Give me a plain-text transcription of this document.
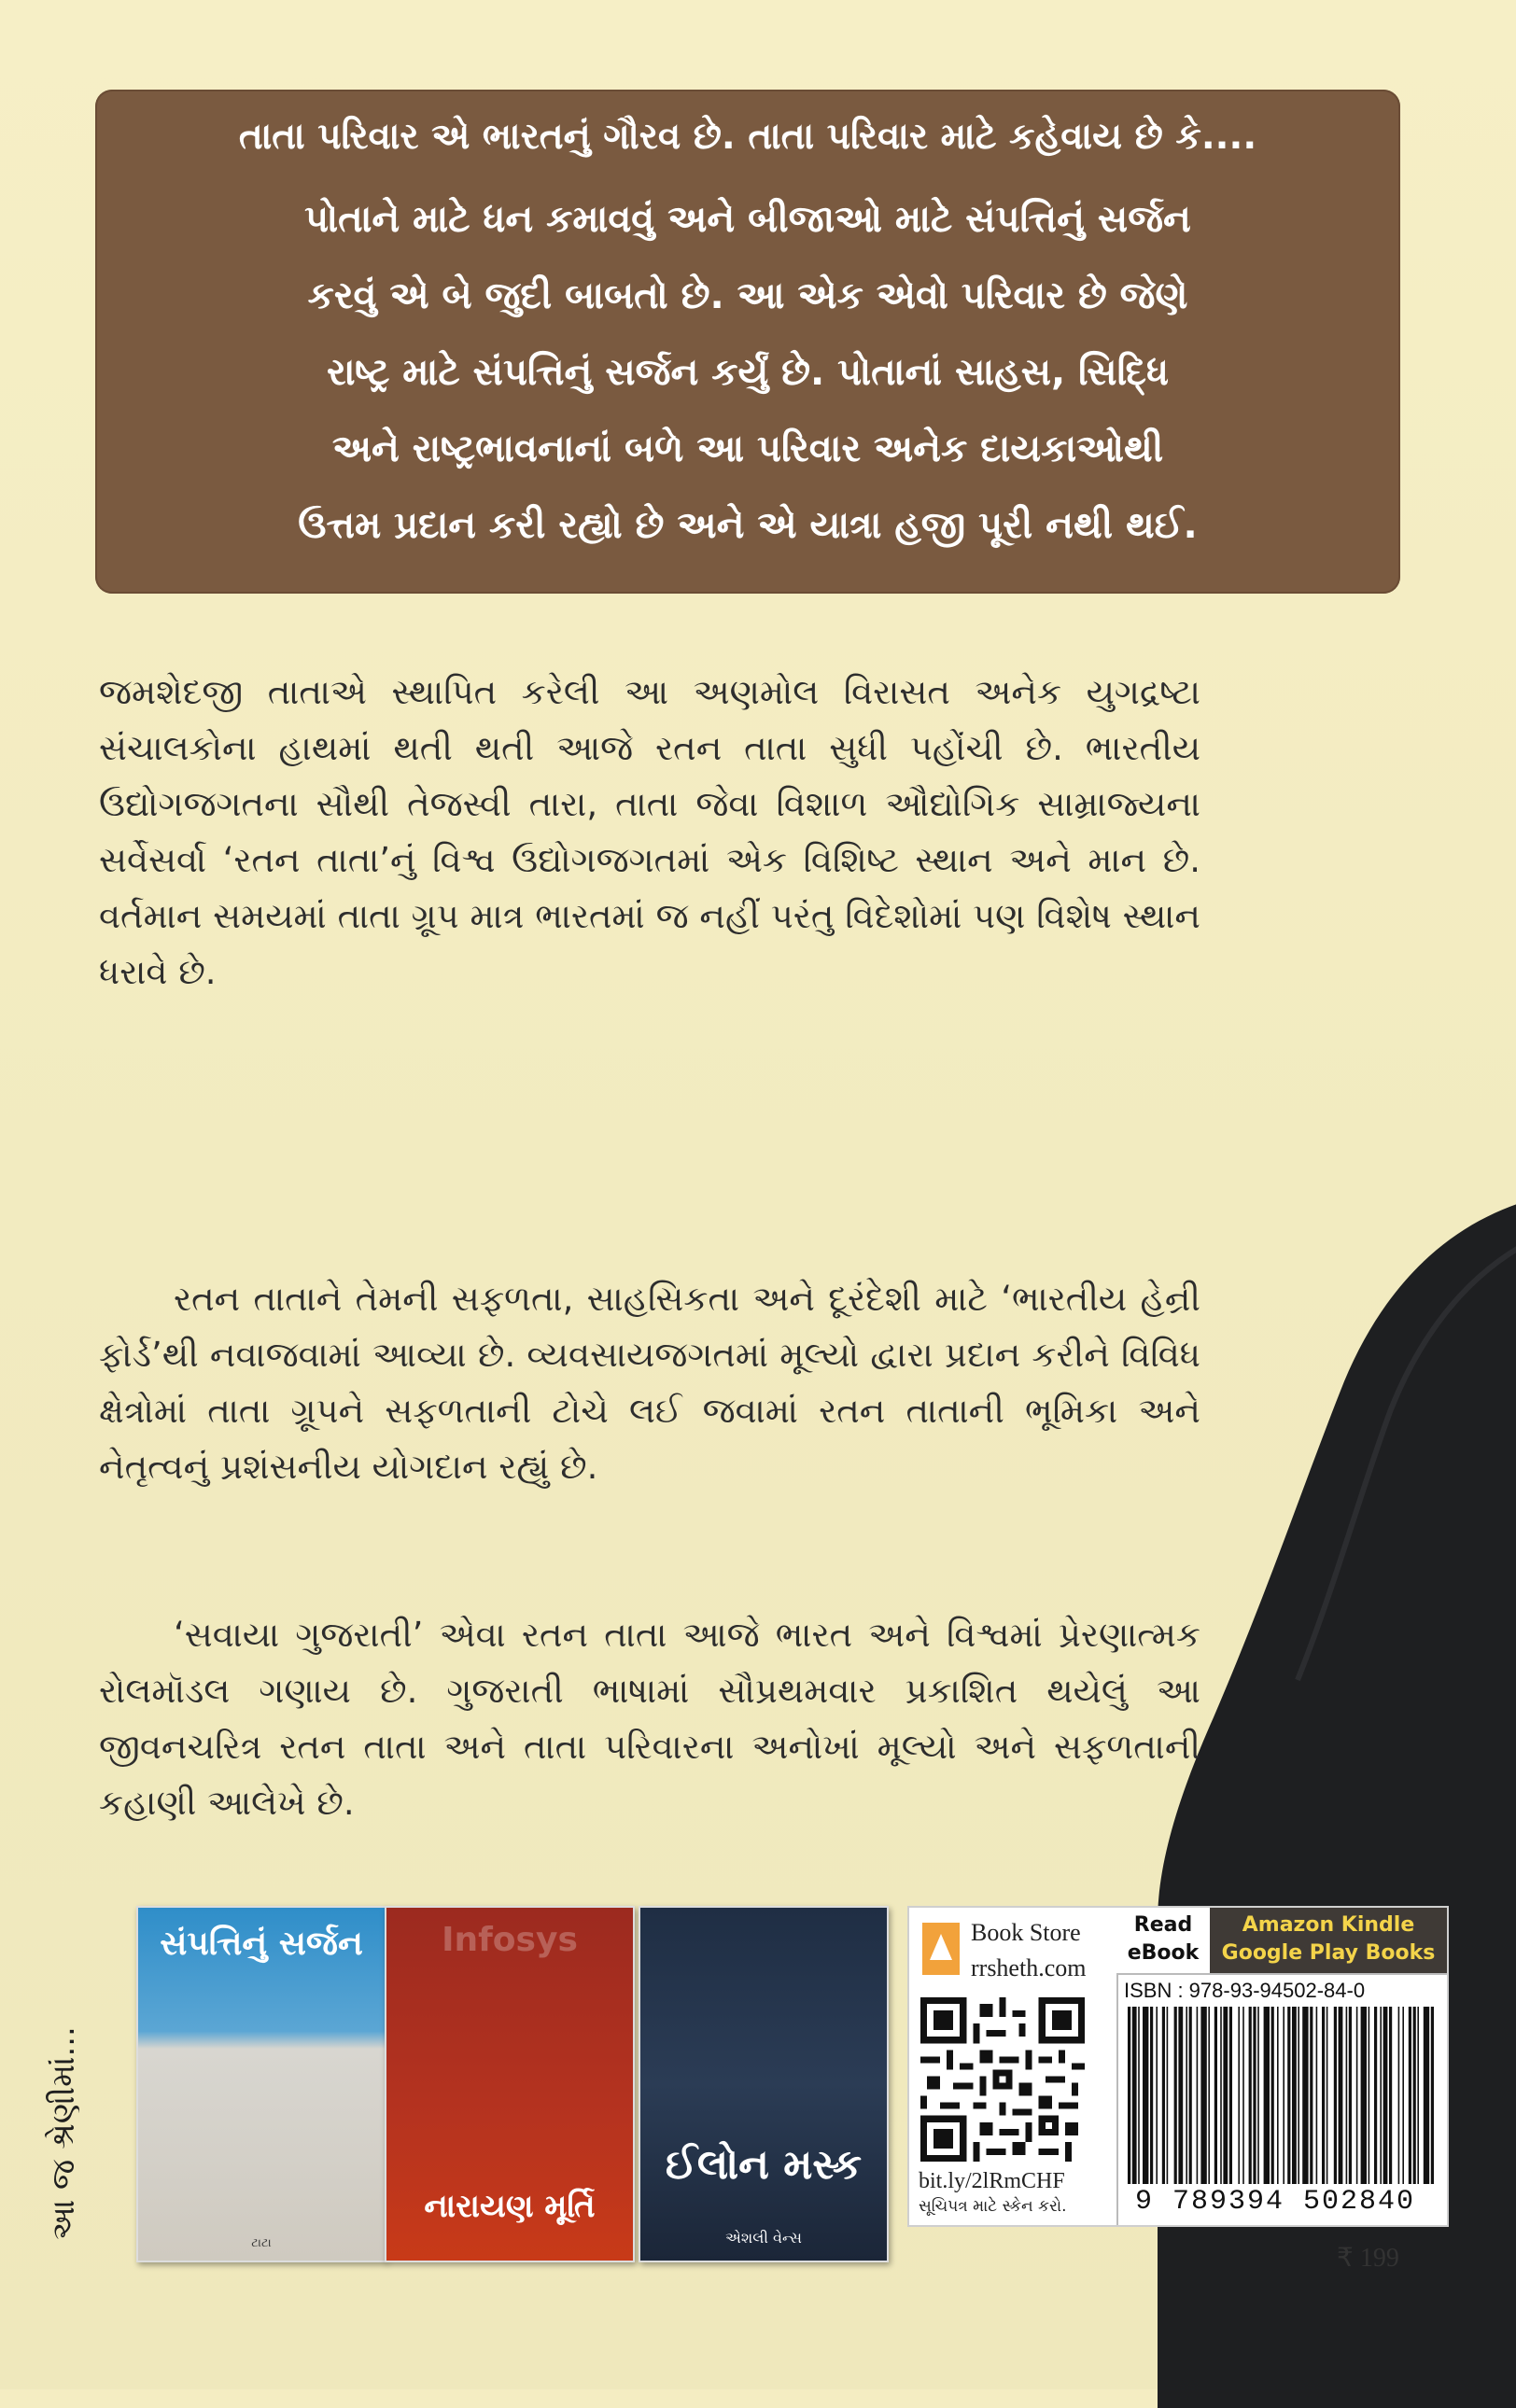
તાતા પરિવાર એ ભારતનું ગૌરવ છે. તાતા પરિવાર માટે કહેવાય છે કે....
પોતાને માટે ધન કમાવવું અને બીજાઓ માટે સંપત્તિનું સર્જન
કરવું એ બે જુદી બાબતો છે. આ એક એવો પરિવાર છે જેણે
રાષ્ટ્ર માટે સંપત્તિનું સર્જન કર્યું છે. પોતાનાં સાહસ, સિદ્ધિ
અને રાષ્ટ્રભાવનાનાં બળે આ પરિવાર અનેક દાયકાઓથી
ઉત્તમ પ્રદાન કરી રહ્યો છે અને એ યાત્રા હજી પૂરી નથી થઈ.
જમશેદજી તાતાએ સ્થાપિત કરેલી આ અણમોલ વિરાસત અનેક યુગદ્રષ્ટા સંચાલકોના હાથમાં થતી થતી આજે રતન તાતા સુધી પહોંચી છે. ભારતીય ઉદ્યોગજગતના સૌથી તેજસ્વી તારા, તાતા જેવા વિશાળ ઔદ્યોગિક સામ્રાજ્યના સર્વેસર્વા ‘રતન તાતા’નું વિશ્વ ઉદ્યોગજગતમાં એક વિશિષ્ટ સ્થાન અને માન છે. વર્તમાન સમયમાં તાતા ગ્રૂપ માત્ર ભારતમાં જ નહીં પરંતુ વિદેશોમાં પણ વિશેષ સ્થાન ધરાવે છે.
રતન તાતાને તેમની સફળતા, સાહસિકતા અને દૂરંદેશી માટે ‘ભારતીય હેન્રી ફોર્ડ’થી નવાજવામાં આવ્યા છે. વ્યવસાયજગતમાં મૂલ્યો દ્વારા પ્રદાન કરીને વિવિધ ક્ષેત્રોમાં તાતા ગ્રૂપને સફળતાની ટોચે લઈ જવામાં રતન તાતાની ભૂમિકા અને નેતૃત્વનું પ્રશંસનીય યોગદાન રહ્યું છે.
‘સવાયા ગુજરાતી’ એવા રતન તાતા આજે ભારત અને વિશ્વમાં પ્રેરણાત્મક રોલમૉડલ ગણાય છે. ગુજરાતી ભાષામાં સૌપ્રથમવાર પ્રકાશિત થયેલું આ જીવનચરિત્ર રતન તાતા અને તાતા પરિવારના અનોખાં મૂલ્યો અને સફળતાની કહાણી આલેખે છે.
આ જ શ્રેણીમાં...
સંપત્તિનું સર્જન
ટાટા
Infosys
નારાયણ મૂર્તિ
ઈલોન મસ્ક
એશલી વેન્સ
Book Store
rrsheth.com
bit.ly/2lRmCHF
સૂચિપત્ર માટે સ્કેન કરો.
Read
eBook
Amazon Kindle
Google Play Books
ISBN : 978-93-94502-84-0
9 789394 502840
₹ 199
